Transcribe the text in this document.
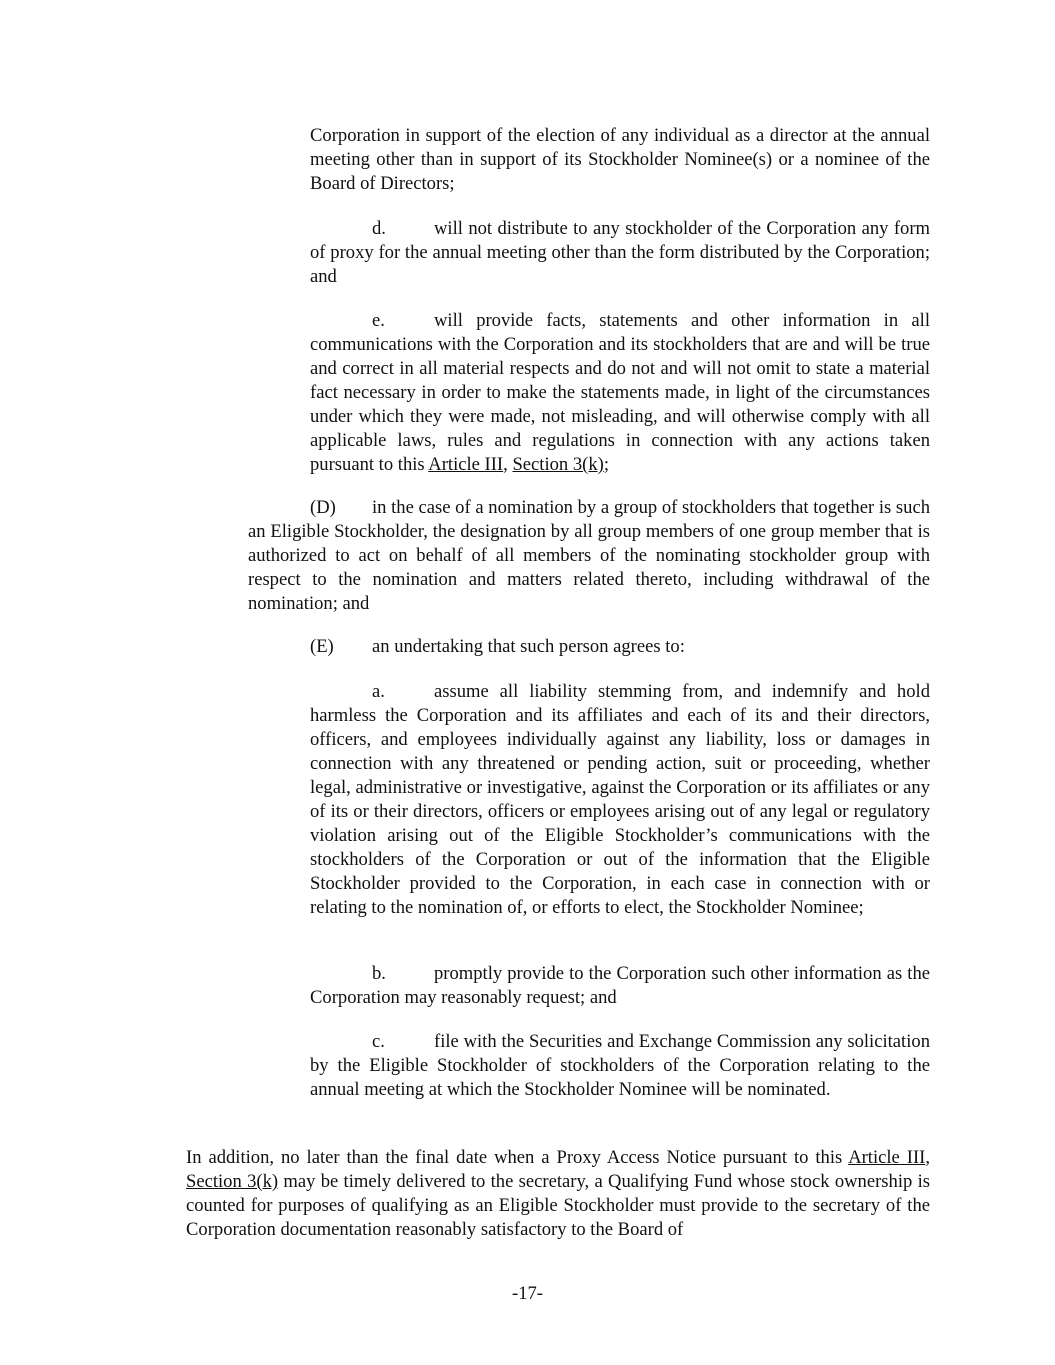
Corporation in support of the election of any individual as a director at the annual meeting other than in support of its Stockholder Nominee(s) or a nominee of the Board of Directors;

d.	will not distribute to any stockholder of the Corporation any form of proxy for the annual meeting other than the form distributed by the Corporation; and

e.	will provide facts, statements and other information in all communications with the Corporation and its stockholders that are and will be true and correct in all material respects and do not and will not omit to state a material fact necessary in order to make the statements made, in light of the circumstances under which they were made, not misleading, and will otherwise comply with all applicable laws, rules and regulations in connection with any actions taken pursuant to this Article III, Section 3(k);

(D) in the case of a nomination by a group of stockholders that together is such an Eligible Stockholder, the designation by all group members of one group member that is authorized to act on behalf of all members of the nominating stockholder group with respect to the nomination and matters related thereto, including withdrawal of the nomination; and

(E) an undertaking that such person agrees to:

a.	assume all liability stemming from, and indemnify and hold harmless the Corporation and its affiliates and each of its and their directors, officers, and employees individually against any liability, loss or damages in connection with any threatened or pending action, suit or proceeding, whether legal, administrative or investigative, against the Corporation or its affiliates or any of its or their directors, officers or employees arising out of any legal or regulatory violation arising out of the Eligible Stockholder’s communications with the stockholders of the Corporation or out of the information that the Eligible Stockholder provided to the Corporation, in each case in connection with or relating to the nomination of, or efforts to elect, the Stockholder Nominee;

b.	promptly provide to the Corporation such other information as the Corporation may reasonably request; and

c.	file with the Securities and Exchange Commission any solicitation by the Eligible Stockholder of stockholders of the Corporation relating to the annual meeting at which the Stockholder Nominee will be nominated.

In addition, no later than the final date when a Proxy Access Notice pursuant to this Article III, Section 3(k) may be timely delivered to the secretary, a Qualifying Fund whose stock ownership is counted for purposes of qualifying as an Eligible Stockholder must provide to the secretary of the Corporation documentation reasonably satisfactory to the Board of

-17-
